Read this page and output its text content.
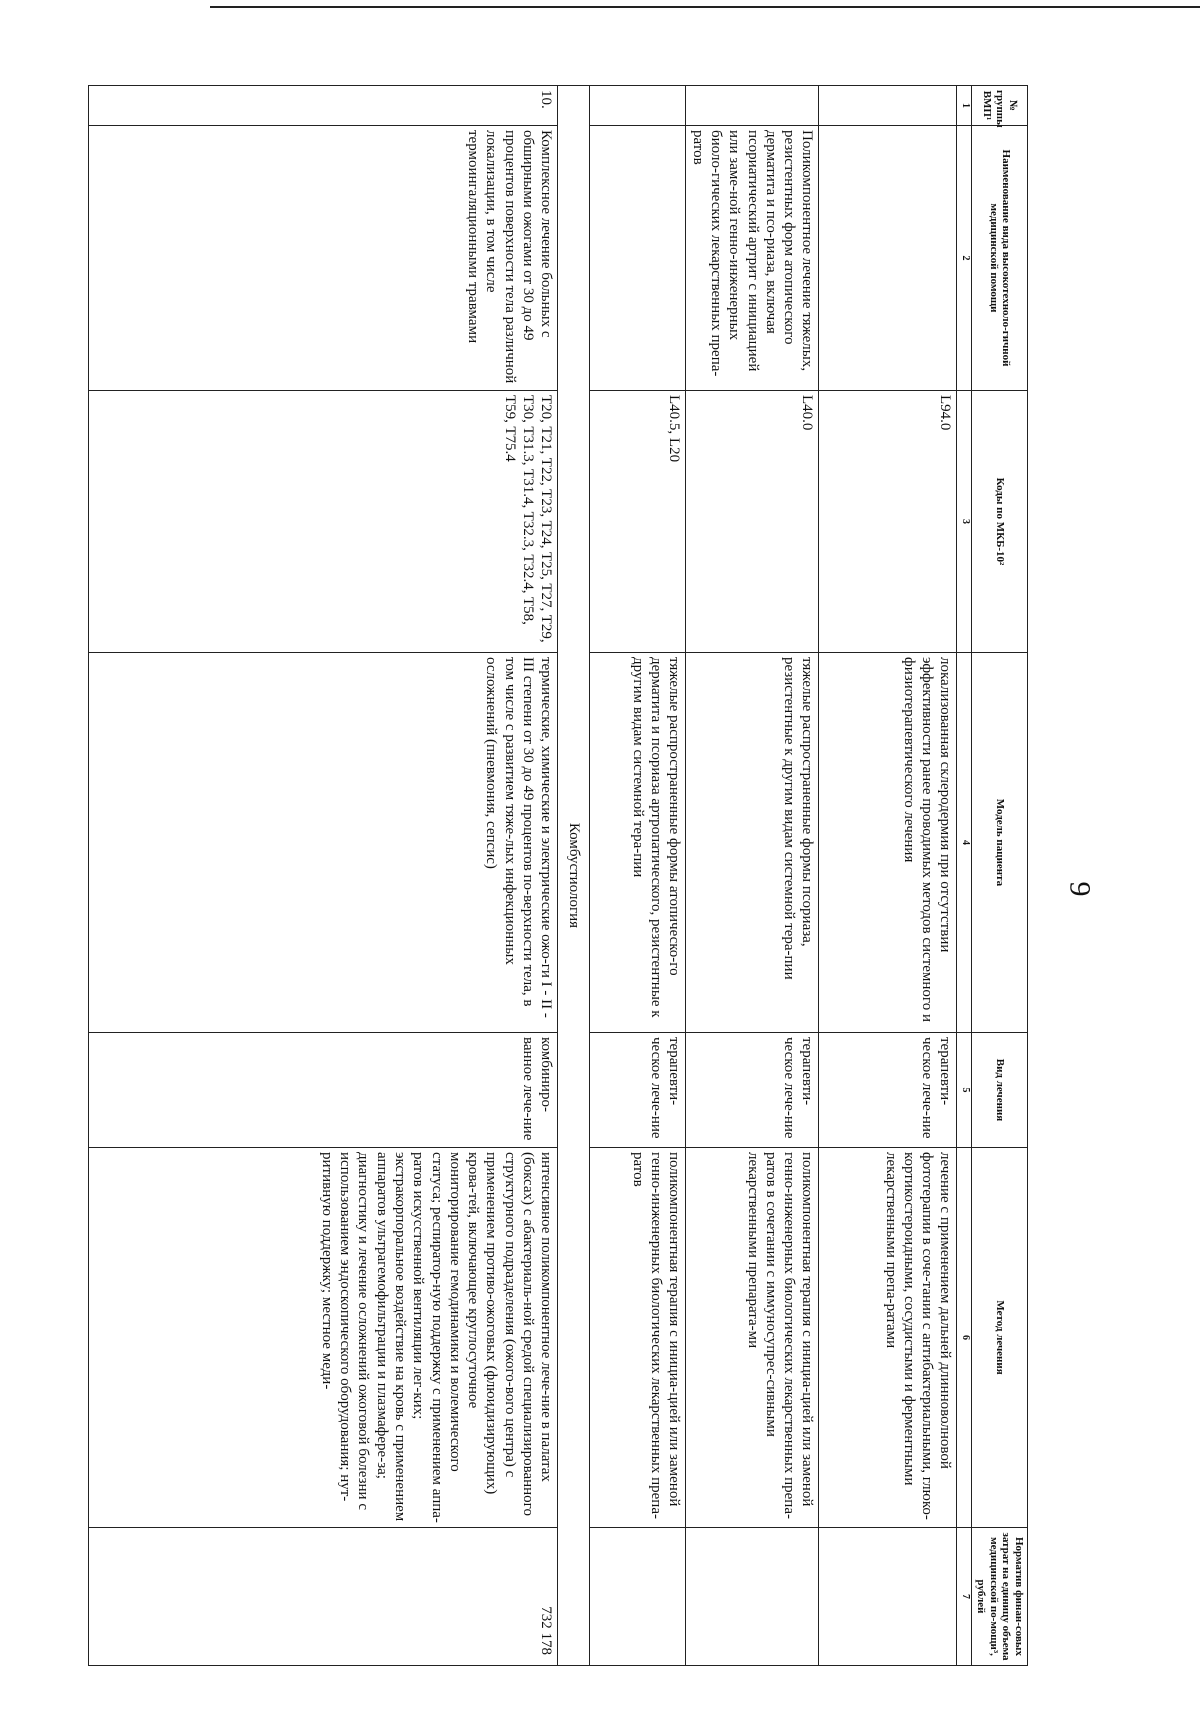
9
№ группы ВМП¹	Наименование вида высокотехноло-гичной медицинской помощи	Коды по МКБ-10²	Модель пациента	Вид лечения	Метод лечения	Норматив финан-совых затрат на единицу объема медицинской по-мощи³, рублей
1	2	3	4	5	6	7
		L94.0	локализованная склеродермия при отсутствии эффективности ранее проводимых методов системного и физиотерапевтического лечения	терапевти-ческое лече-ние	лечение с применением дальней длинноволновой фототерапии в соче-тании с антибактериальными, глюко-кортикостероидными, сосудистыми и ферментными лекарственными препа-ратами	
	Поликомпонентное лечение тяжелых, резистентных форм атопического дерматита и псо-риаза, включая псориатический артрит с инициацией или заме-ной генно-инженерных биоло-гических лекарственных препа-ратов	L40.0	тяжелые распространенные формы псориаза, резистентные к другим видам системной тера-пии	терапевти-ческое лече-ние	поликомпонентная терапия с инициа-цией или заменой генно-инженерных биологических лекарственных препа-ратов в сочетании с иммуносупрес-сивными лекарственными препарата-ми	
		L40.5, L20	тяжелые распространенные формы атопическо-го дерматита и псориаза артропатического, резистентные к другим видам системной тера-пии	терапевти-ческое лече-ние	поликомпонентная терапия с инициа-цией или заменой генно-инженерных биологических лекарственных препа-ратов	
Комбустиология						
10.	Комплексное лечение больных с обширными ожогами от 30 до 49 процентов поверхности тела различной локализации, в том числе термоингаляционными травмами	T20, T21, T22, T23, T24, T25, T27, T29, T30, T31.3, T31.4, T32.3, T32.4, T58, T59, T75.4	термические, химические и электрические ожо-ги I - II - III степени от 30 до 49 процентов по-верхности тела, в том числе с развитием тяже-лых инфекционных осложнений (пневмония, сепсис)	комбиниро-ванное лече-ние	интенсивное поликомпонентное лече-ние в палатах (боксах) с абактериаль-ной средой специализированного структурного подразделения (ожого-вого центра) с применением противо-ожоговых (флюидизирующих) крова-тей, включающее круглосуточное мониторирование гемодинамики и волемического статуса; респиратор-ную поддержку с применением аппа-ратов искусственной вентиляции лег-ких; экстракорпоральное воздействие на кровь с применением аппаратов ультрагемофильтрации и плазмафере-за; диагностику и лечение осложнений ожоговой болезни с использованием эндоскопического оборудования; нут-ритивную поддержку; местное меди-	732 178
